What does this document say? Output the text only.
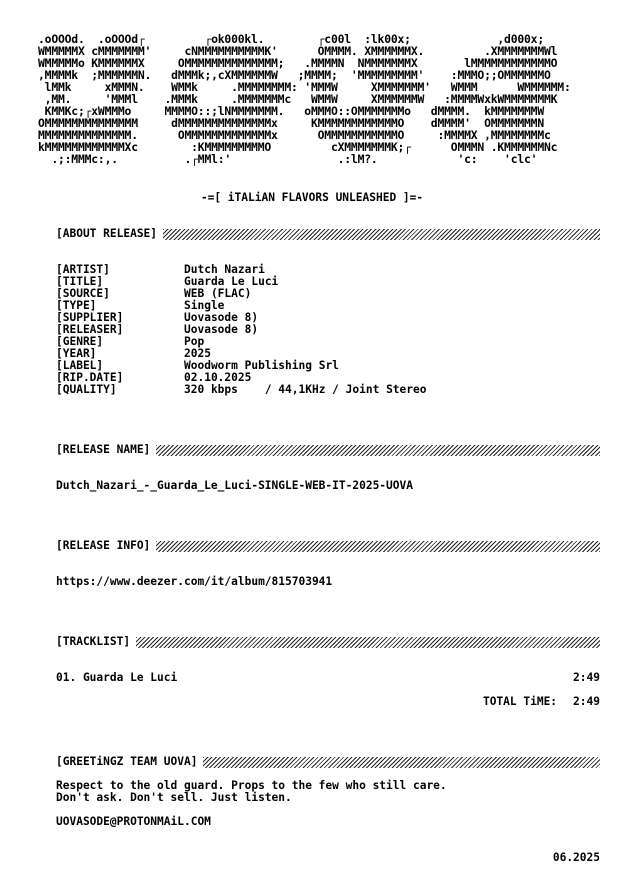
.oOOOd.  .oOOOd┌         ┌ok000kl.        ┌c00l  :lk00x;             ,d000x;
WMMMMMX cMMMMMMM'     cNMMMMMMMMMMK'      OMMMM. XMMMMMMX.         .XMMMMMMMWl
WMMMMMo KMMMMMMX     OMMMMMMMMMMMMMM;   .MMMMN  NMMMMMMMX       lMMMMMMMMMMMMO
,MMMMk  ;MMMMMMN.   dMMMk;,cXMMMMMMW   ;MMMM;  'MMMMMMMMM'    :MMMO;;OMMMMMMO
lMMk     xMMMN.    WMMk     .MMMMMMMM: 'MMMW     XMMMMMMM'   WMMM      WMMMMMM:
,MM.     'MMMl    .MMMk     .MMMMMMMc   WMMW     XMMMMMMW   :MMMMWxkWMMMMMMMK
KMMKc;┌xWMMMo     MMMMO::;lNMMMMMMM.   oMMMO::OMMMMMMMo   dMMMM.  kMMMMMMMW
OMMMMMMMMMMMMMM     dMMMMMMMMMMMMMMx     KMMMMMMMMMMMMO    dMMMM'  OMMMMMMMN
MMMMMMMMMMMMMM.      OMMMMMMMMMMMMMx      OMMMMMMMMMMMO     :MMMMX ,MMMMMMMMc
kMMMMMMMMMMMMXc        :KMMMMMMMMMO         cXMMMMMMMK;┌      OMMMN .KMMMMMMNc
.;:MMMc:,.          .┌MMl:'                .:lM?.            'c:    'clc'
-=[ iTALiAN FLAVORS UNLEASHED ]=-
[ABOUT RELEASE]
[ARTIST]	Dutch Nazari
[TITLE]	Guarda Le Luci
[SOURCE]	WEB (FLAC)
[TYPE]	Single
[SUPPLIER]	Uovasode 8)
[RELEASER]	Uovasode 8)
[GENRE]	Pop
[YEAR]	2025
[LABEL]	Woodworm Publishing Srl
[RIP.DATE]	02.10.2025
[QUALITY]	320 kbps    / 44,1KHz / Joint Stereo
[RELEASE NAME]
Dutch_Nazari_-_Guarda_Le_Luci-SINGLE-WEB-IT-2025-UOVA
[RELEASE INFO]
https://www.deezer.com/it/album/815703941
[TRACKLIST]
01. Guarda Le Luci	2:49
TOTAL TiME: 2:49
[GREETiNGZ TEAM UOVA]
Respect to the old guard. Props to the few who still care.
Don't ask. Don't sell. Just listen.
UOVASODE@PROTONMAiL.COM
06.2025
